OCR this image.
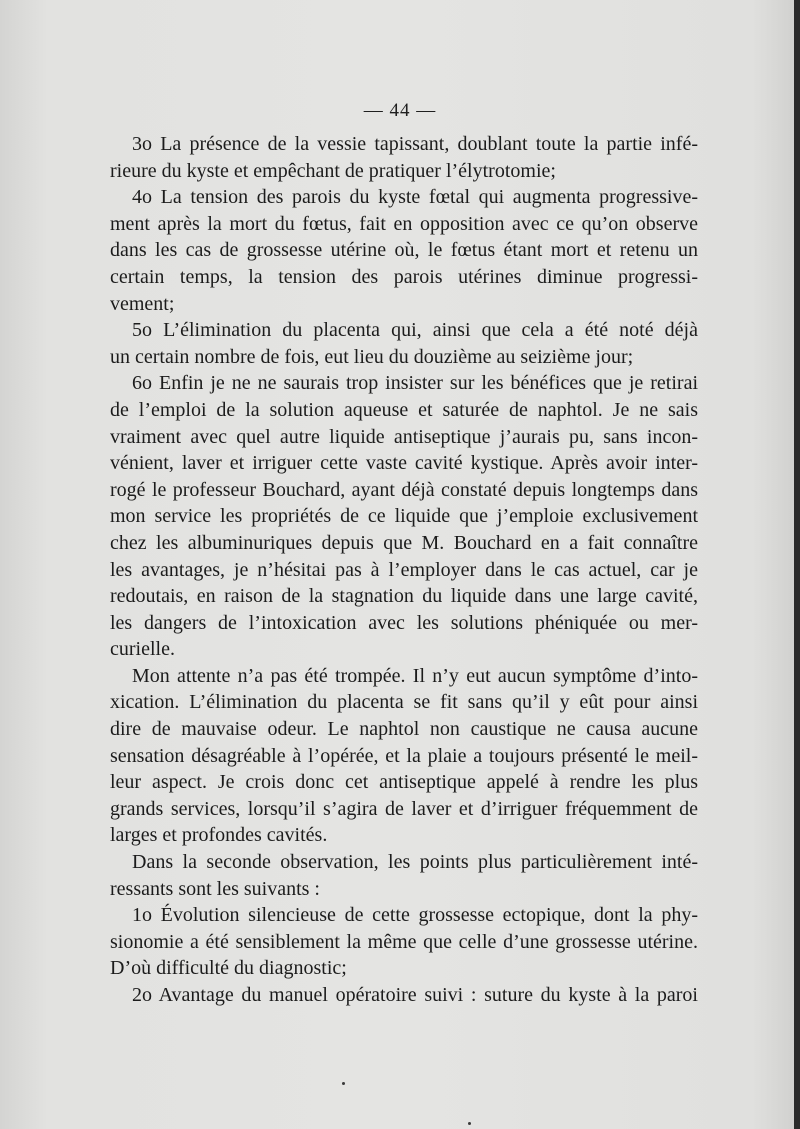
— 44 —
3o La présence de la vessie tapissant, doublant toute la partie infé-
rieure du kyste et empêchant de pratiquer l’élytrotomie;
4o La tension des parois du kyste fœtal qui augmenta progressive-
ment après la mort du fœtus, fait en opposition avec ce qu’on observe
dans les cas de grossesse utérine où, le fœtus étant mort et retenu un
certain temps, la tension des parois utérines diminue progressi-
vement;
5o L’élimination du placenta qui, ainsi que cela a été noté déjà
un certain nombre de fois, eut lieu du douzième au seizième jour;
6o Enfin je ne ne saurais trop insister sur les bénéfices que je retirai
de l’emploi de la solution aqueuse et saturée de naphtol. Je ne sais
vraiment avec quel autre liquide antiseptique j’aurais pu, sans incon-
vénient, laver et irriguer cette vaste cavité kystique. Après avoir inter-
rogé le professeur Bouchard, ayant déjà constaté depuis longtemps dans
mon service les propriétés de ce liquide que j’emploie exclusivement
chez les albuminuriques depuis que M. Bouchard en a fait connaître
les avantages, je n’hésitai pas à l’employer dans le cas actuel, car je
redoutais, en raison de la stagnation du liquide dans une large cavité,
les dangers de l’intoxication avec les solutions phéniquée ou mer-
curielle.
Mon attente n’a pas été trompée. Il n’y eut aucun symptôme d’into-
xication. L’élimination du placenta se fit sans qu’il y eût pour ainsi
dire de mauvaise odeur. Le naphtol non caustique ne causa aucune
sensation désagréable à l’opérée, et la plaie a toujours présenté le meil-
leur aspect. Je crois donc cet antiseptique appelé à rendre les plus
grands services, lorsqu’il s’agira de laver et d’irriguer fréquemment de
larges et profondes cavités.
Dans la seconde observation, les points plus particulièrement inté-
ressants sont les suivants :
1o Évolution silencieuse de cette grossesse ectopique, dont la phy-
sionomie a été sensiblement la même que celle d’une grossesse utérine.
D’où difficulté du diagnostic;
2o Avantage du manuel opératoire suivi : suture du kyste à la paroi
